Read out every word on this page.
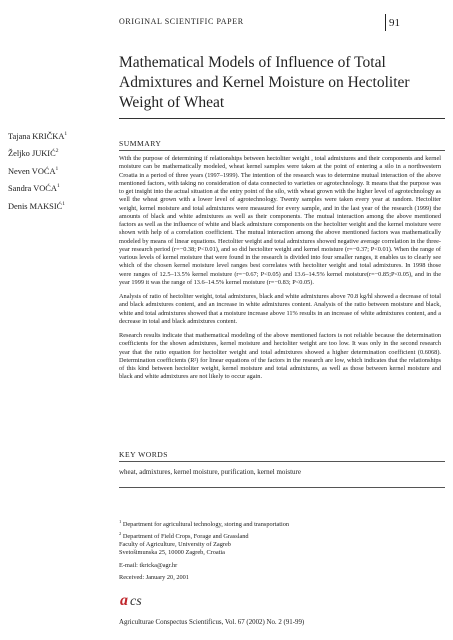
ORIGINAL SCIENTIFIC PAPER	91
Mathematical Models of Influence of Total Admixtures and Kernel Moisture on Hectoliter Weight of Wheat
Tajana KRIČKA$^1$
Željko JUKIĆ$^2$
Neven VOĆA$^1$
Sandra VOĆA$^1$
Denis MAKSIĆ$^1$
SUMMARY

With the purpose of determining if relationships between hectoliter weight , total admixtures and their components and kernel moisture can be mathematically modeled, wheat kernel samples were taken at the point of entering a silo in a northwestern Croatia in a period of three years (1997–1999). The intention of the research was to determine mutual interaction of the above mentioned factors, with taking no consideration of data connected to varieties or agrotechnology. It means that the purpose was to get insight into the actual situation at the entry point of the silo, with wheat grown with the higher level of agrotechnology as well the wheat grown with a lower level of agrotechnology. Twenty samples were taken every year at random. Hectoliter weight, kernel moisture and total admixtures were measured for every sample, and in the last year of the research (1999) the amounts of black and white admixtures as well as their components. The mutual interaction among the above mentioned factors as well as the influence of white and black admixture components on the hectoliter weight and the kernel moisture were shown with help of a correlation coefficient. The mutual interaction among the above mentioned factors was mathematically modeled by means of linear equations. Hectoliter weight and total admixtures showed negative average correlation in the three-year research period (r=−0.38; P<0.01), and so did hectoliter weight and kernel moisture (r=−0.37; P<0.01). When the range of various levels of kernel moisture that were found in the research is divided into four smaller ranges, it enables us to clearly see which of the chosen kernel moisture level ranges best correlates with hectoliter weight and total admixtures. In 1998 those were ranges of 12.5–13.5% kernel moisture (r=−0.67; P<0.05) and 13.6–14.5% kernel moisture(r=−0.85;P<0.05), and in the year 1999 it was the range of 13.6–14.5% kernel moisture (r=−0.83; P<0.05).

Analysis of ratio of hectoliter weight, total admixtures, black and white admixtures above 70.8 kg/hl showed a decrease of total and black admixtures content, and an increase in white admixtures content. Analysis of the ratio between moisture and black, white and total admixtures showed that a moisture increase above 11% results in an increase of white admixtures content, and a decrease in total and black admixtures content.

Research results indicate that mathematical modeling of the above mentioned factors is not reliable because the determination coefficients for the shown admixtures, kernel moisture and hectoliter weight are too low. It was only in the second research year that the ratio equation for hectoliter weight and total admixtures showed a higher determination coefficient (0.6068). Determination coefficients (R²) for linear equations of the factors in the research are low, which indicates that the relationships of this kind between hectoliter weight, kernel moisture and total admixtures, as well as those between kernel moisture and black and white admixtures are not likely to occur again.

KEY WORDS
wheat, admixtures, kernel moisture, purification, kernel moisture
$^1$ Department for agricultural technology, storing and transportation
$^2$ Department of Field Crops, Forage and Grassland
Faculty of Agriculture, University of Zagreb
Svetošimunska 25, 10000 Zagreb, Croatia
E-mail: tkricka@agr.hr
Received: January 20, 2001
a cs
Agriculturae Conspectus Scientificus, Vol. 67 (2002) No. 2 (91-99)
